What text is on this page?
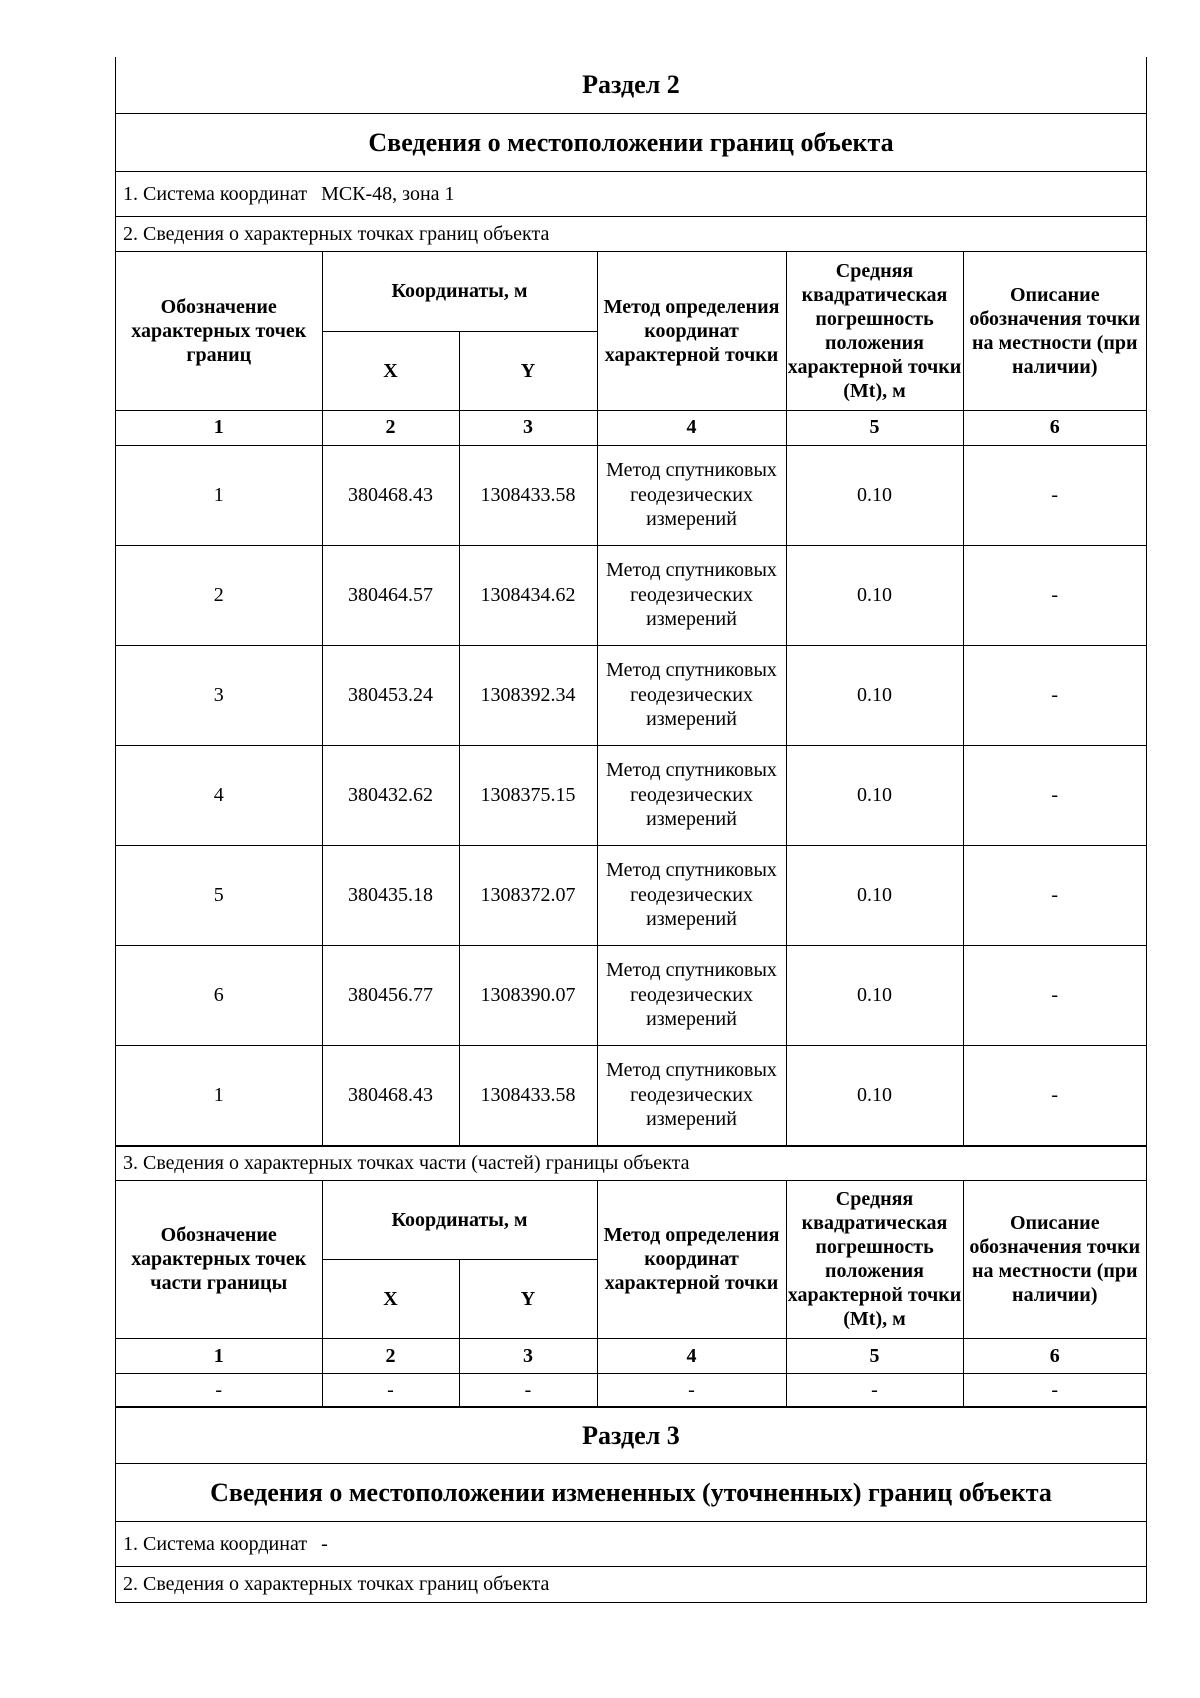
Раздел 2
Сведения о местоположении границ объекта
1. Система координат МСК-48, зона 1
2. Сведения о характерных точках границ объекта
Обозначение характерных точек границ	Координаты, м		Метод определения координат характерной точки	Средняя квадратическая погрешность положения характерной точки (Mt), м	Описание обозначения точки на местности (при наличии)
	X	Y			
1	2	3	4	5	6
1	380468.43	1308433.58	Метод спутниковых геодезических измерений	0.10	-
2	380464.57	1308434.62	Метод спутниковых геодезических измерений	0.10	-
3	380453.24	1308392.34	Метод спутниковых геодезических измерений	0.10	-
4	380432.62	1308375.15	Метод спутниковых геодезических измерений	0.10	-
5	380435.18	1308372.07	Метод спутниковых геодезических измерений	0.10	-
6	380456.77	1308390.07	Метод спутниковых геодезических измерений	0.10	-
1	380468.43	1308433.58	Метод спутниковых геодезических измерений	0.10	-
3. Сведения о характерных точках части (частей) границы объекта
Обозначение характерных точек части границы	Координаты, м		Метод определения координат характерной точки	Средняя квадратическая погрешность положения характерной точки (Mt), м	Описание обозначения точки на местности (при наличии)
	X	Y			
1	2	3	4	5	6
-	-	-	-	-	-
Раздел 3
Сведения о местоположении измененных (уточненных) границ объекта
1. Система координат -
2. Сведения о характерных точках границ объекта
